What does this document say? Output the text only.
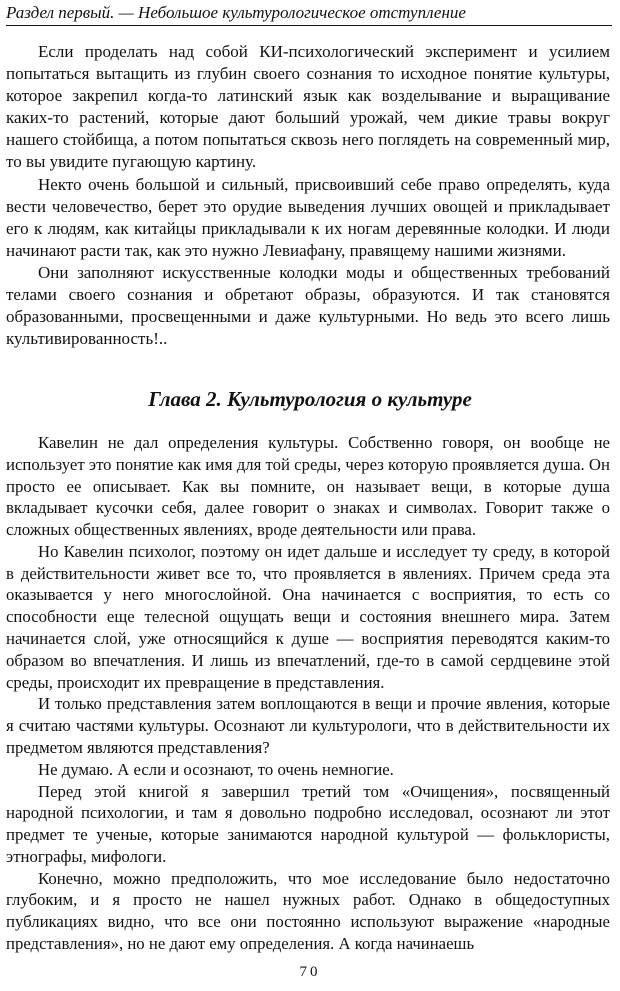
Раздел первый. — Небольшое культурологическое отступление

Если проделать над собой КИ-психологический эксперимент и усилием попытаться вытащить из глубин своего сознания то исходное понятие культуры, которое закрепил когда-то латинский язык как возделывание и выращивание каких-то растений, которые дают больший урожай, чем дикие травы вокруг нашего стойбища, а потом попытаться сквозь него поглядеть на современный мир, то вы увидите пугающую картину.

Некто очень большой и сильный, присвоивший себе право определять, куда вести человечество, берет это орудие выведения лучших овощей и прикладывает его к людям, как китайцы прикладывали к их ногам деревянные колодки. И люди начинают расти так, как это нужно Левиафану, правящему нашими жизнями.

Они заполняют искусственные колодки моды и общественных требований телами своего сознания и обретают образы, образуются. И так становятся образованными, просвещенными и даже культурными. Но ведь это всего лишь культивированность!..

Глава 2. Культурология о культуре

Кавелин не дал определения культуры. Собственно говоря, он вообще не использует это понятие как имя для той среды, через которую проявляется душа. Он просто ее описывает. Как вы помните, он называет вещи, в которые душа вкладывает кусочки себя, далее говорит о знаках и символах. Говорит также о сложных общественных явлениях, вроде деятельности или права.

Но Кавелин психолог, поэтому он идет дальше и исследует ту среду, в которой в действительности живет все то, что проявляется в явлениях. Причем среда эта оказывается у него многослойной. Она начинается с восприятия, то есть со способности еще телесной ощущать вещи и состояния внешнего мира. Затем начинается слой, уже относящийся к душе — восприятия переводятся каким-то образом во впечатления. И лишь из впечатлений, где-то в самой сердцевине этой среды, происходит их превращение в представления.

И только представления затем воплощаются в вещи и прочие явления, которые я считаю частями культуры. Осознают ли культурологи, что в действительности их предметом являются представления?

Не думаю. А если и осознают, то очень немногие.

Перед этой книгой я завершил третий том «Очищения», посвященный народной психологии, и там я довольно подробно исследовал, осознают ли этот предмет те ученые, которые занимаются народной культурой — фольклористы, этнографы, мифологи.

Конечно, можно предположить, что мое исследование было недостаточно глубоким, и я просто не нашел нужных работ. Однако в общедоступных публикациях видно, что все они постоянно используют выражение «народные представления», но не дают ему определения. А когда начинаешь

70
